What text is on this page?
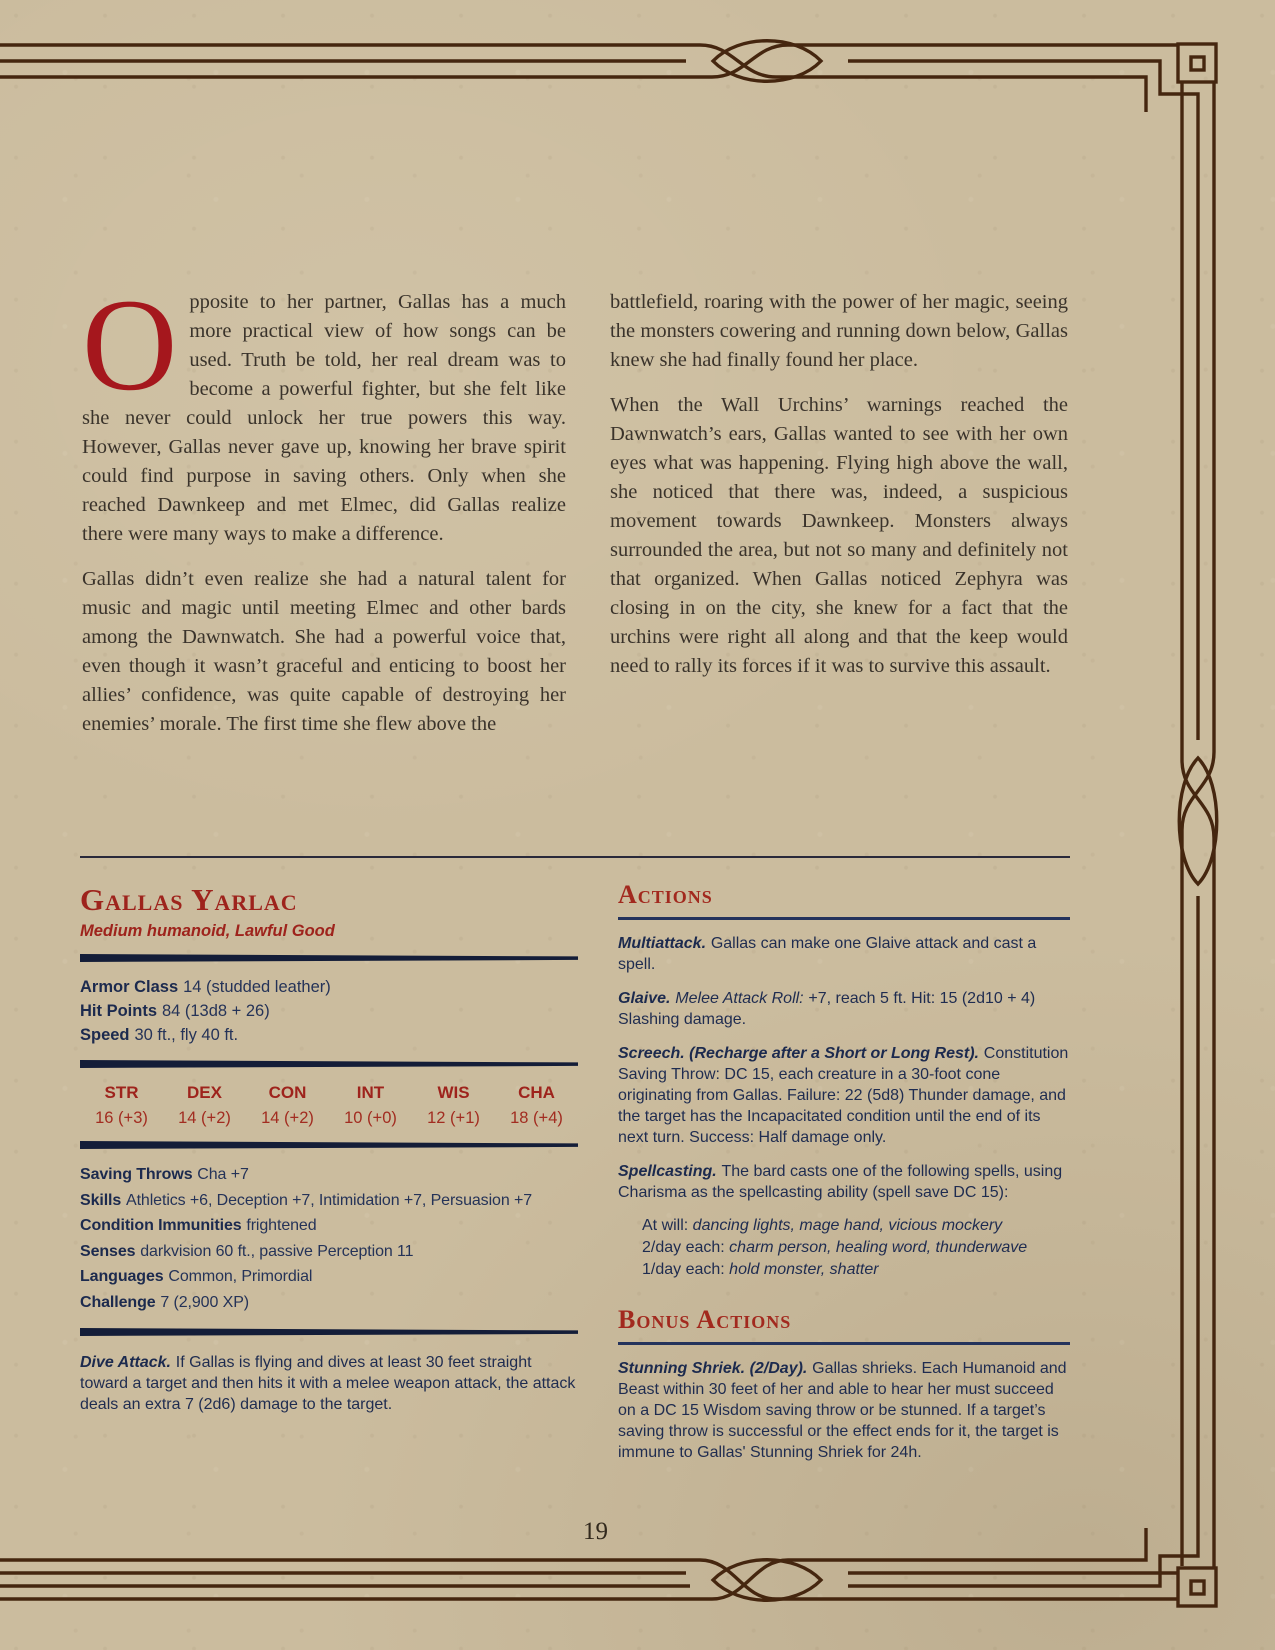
Opposite to her partner, Gallas has a much more practical view of how songs can be used. Truth be told, her real dream was to become a powerful fighter, but she felt like she never could unlock her true powers this way. However, Gallas never gave up, knowing her brave spirit could find purpose in saving others. Only when she reached Dawnkeep and met Elmec, did Gallas realize there were many ways to make a difference.

Gallas didn’t even realize she had a natural talent for music and magic until meeting Elmec and other bards among the Dawnwatch. She had a powerful voice that, even though it wasn’t graceful and enticing to boost her allies’ confidence, was quite capable of destroying her enemies’ morale. The first time she flew above the

battlefield, roaring with the power of her magic, seeing the monsters cowering and running down below, Gallas knew she had finally found her place.

When the Wall Urchins’ warnings reached the Dawnwatch’s ears, Gallas wanted to see with her own eyes what was happening. Flying high above the wall, she noticed that there was, indeed, a suspicious movement towards Dawnkeep. Monsters always surrounded the area, but not so many and definitely not that organized. When Gallas noticed Zephyra was closing in on the city, she knew for a fact that the urchins were right all along and that the keep would need to rally its forces if it was to survive this assault.

Gallas Yarlac
Medium humanoid, Lawful Good
Armor Class 14 (studded leather)
Hit Points 84 (13d8 + 26)
Speed 30 ft., fly 40 ft.
STR
16 (+3)
DEX
14 (+2)
CON
14 (+2)
INT
10 (+0)
WIS
12 (+1)
CHA
18 (+4)
Saving Throws Cha +7
Skills Athletics +6, Deception +7, Intimidation +7, Persuasion +7
Condition Immunities frightened
Senses darkvision 60 ft., passive Perception 11
Languages Common, Primordial
Challenge 7 (2,900 XP)
Dive Attack. If Gallas is flying and dives at least 30 feet straight toward a target and then hits it with a melee weapon attack, the attack deals an extra 7 (2d6) damage to the target.
Actions
Multiattack. Gallas can make one Glaive attack and cast a spell.
Glaive. Melee Attack Roll: +7, reach 5 ft. Hit: 15 (2d10 + 4) Slashing damage.
Screech. (Recharge after a Short or Long Rest). Constitution Saving Throw: DC 15, each creature in a 30-foot cone originating from Gallas. Failure: 22 (5d8) Thunder damage, and the target has the Incapacitated condition until the end of its next turn. Success: Half damage only.
Spellcasting. The bard casts one of the following spells, using Charisma as the spellcasting ability (spell save DC 15):
At will: dancing lights, mage hand, vicious mockery
2/day each: charm person, healing word, thunderwave
1/day each: hold monster, shatter
Bonus Actions
Stunning Shriek. (2/Day). Gallas shrieks. Each Humanoid and Beast within 30 feet of her and able to hear her must succeed on a DC 15 Wisdom saving throw or be stunned. If a target’s saving throw is successful or the effect ends for it, the target is immune to Gallas' Stunning Shriek for 24h.
19
